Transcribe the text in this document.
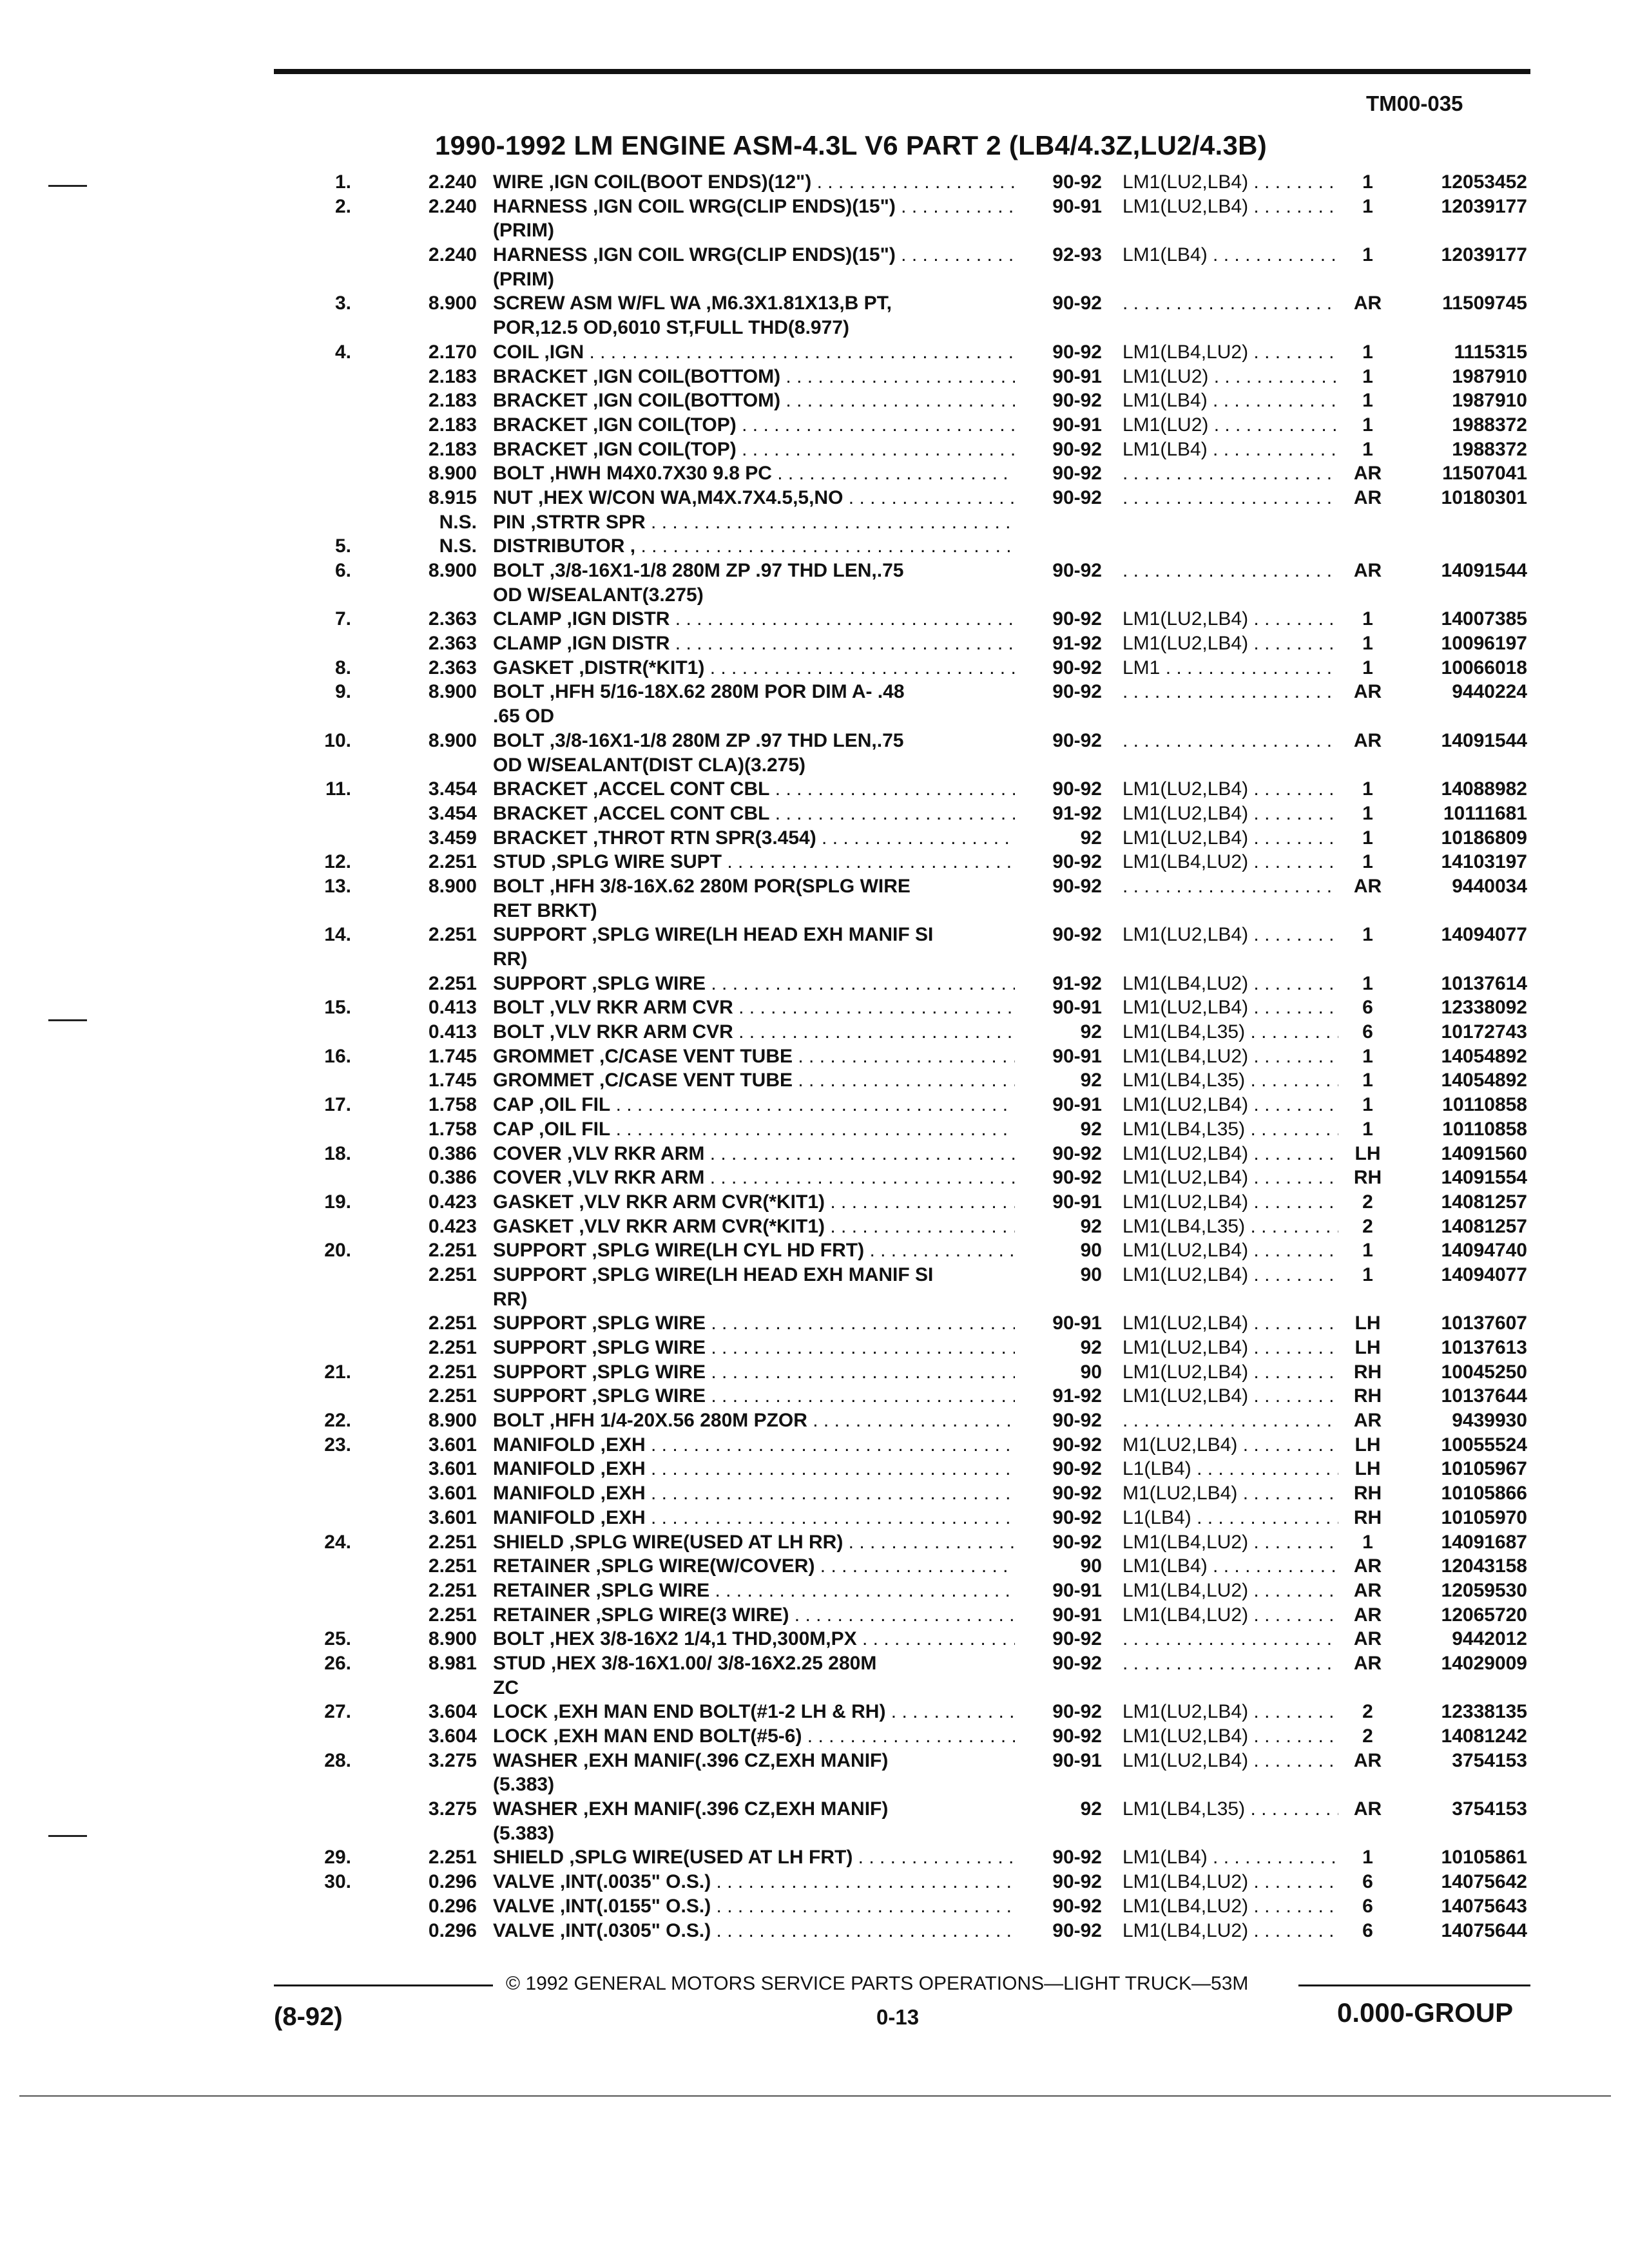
TM00-035
1990-1992 LM ENGINE ASM-4.3L V6 PART 2 (LB4/4.3Z,LU2/4.3B)
1.	2.240 WIRE ,IGN COIL(BOOT ENDS)(12") . . .	90-92 LM1(LU2,LB4) . . .	1	12053452
2.	2.240 HARNESS ,IGN COIL WRG(CLIP ENDS)(15") . . .	90-91 LM1(LU2,LB4) . . .	1	12039177
(PRIM)
2.240 HARNESS ,IGN COIL WRG(CLIP ENDS)(15") . . .	92-93 LM1(LB4) . . .	1	12039177
(PRIM)
3.	8.900 SCREW ASM W/FL WA ,M6.3X1.81X13,B PT,	90-92 . . .	AR	11509745
POR,12.5 OD,6010 ST,FULL THD(8.977)
4.	2.170 COIL ,IGN . . .	90-92 LM1(LB4,LU2) . . .	1	1115315
2.183 BRACKET ,IGN COIL(BOTTOM) . . .	90-91 LM1(LU2) . . .	1	1987910
2.183 BRACKET ,IGN COIL(BOTTOM) . . .	90-92 LM1(LB4) . . .	1	1987910
2.183 BRACKET ,IGN COIL(TOP) . . .	90-91 LM1(LU2) . . .	1	1988372
2.183 BRACKET ,IGN COIL(TOP) . . .	90-92 LM1(LB4) . . .	1	1988372
8.900 BOLT ,HWH M4X0.7X30 9.8 PC . . .	90-92 . . .	AR	11507041
8.915 NUT ,HEX W/CON WA,M4X.7X4.5,5,NO . . .	90-92 . . .	AR	10180301
N.S. PIN ,STRTR SPR . . .
5.	N.S. DISTRIBUTOR , . . .
6.	8.900 BOLT ,3/8-16X1-1/8 280M ZP .97 THD LEN,.75	90-92 . . .	AR	14091544
OD W/SEALANT(3.275)
7.	2.363 CLAMP ,IGN DISTR . . .	90-92 LM1(LU2,LB4) . . .	1	14007385
2.363 CLAMP ,IGN DISTR . . .	91-92 LM1(LU2,LB4) . . .	1	10096197
8.	2.363 GASKET ,DISTR(*KIT1) . . .	90-92 LM1 . . .	1	10066018
9.	8.900 BOLT ,HFH 5/16-18X.62 280M POR DIM A- .48	90-92 . . .	AR	9440224
.65 OD
10.	8.900 BOLT ,3/8-16X1-1/8 280M ZP .97 THD LEN,.75	90-92 . . .	AR	14091544
OD W/SEALANT(DIST CLA)(3.275)
11.	3.454 BRACKET ,ACCEL CONT CBL . . .	90-92 LM1(LU2,LB4) . . .	1	14088982
3.454 BRACKET ,ACCEL CONT CBL . . .	91-92 LM1(LU2,LB4) . . .	1	10111681
3.459 BRACKET ,THROT RTN SPR(3.454) . . .	92 LM1(LU2,LB4) . . .	1	10186809
12.	2.251 STUD ,SPLG WIRE SUPT . . .	90-92 LM1(LB4,LU2) . . .	1	14103197
13.	8.900 BOLT ,HFH 3/8-16X.62 280M POR(SPLG WIRE	90-92 . . .	AR	9440034
RET BRKT)
14.	2.251 SUPPORT ,SPLG WIRE(LH HEAD EXH MANIF SI	90-92 LM1(LU2,LB4) . . .	1	14094077
RR)
2.251 SUPPORT ,SPLG WIRE . . .	91-92 LM1(LB4,LU2) . . .	1	10137614
15.	0.413 BOLT ,VLV RKR ARM CVR . . .	90-91 LM1(LU2,LB4) . . .	6	12338092
0.413 BOLT ,VLV RKR ARM CVR . . .	92 LM1(LB4,L35) . . .	6	10172743
16.	1.745 GROMMET ,C/CASE VENT TUBE . . .	90-91 LM1(LB4,LU2) . . .	1	14054892
1.745 GROMMET ,C/CASE VENT TUBE . . .	92 LM1(LB4,L35) . . .	1	14054892
17.	1.758 CAP ,OIL FIL . . .	90-91 LM1(LU2,LB4) . . .	1	10110858
1.758 CAP ,OIL FIL . . .	92 LM1(LB4,L35) . . .	1	10110858
18.	0.386 COVER ,VLV RKR ARM . . .	90-92 LM1(LU2,LB4) . . .	LH	14091560
0.386 COVER ,VLV RKR ARM . . .	90-92 LM1(LU2,LB4) . . .	RH	14091554
19.	0.423 GASKET ,VLV RKR ARM CVR(*KIT1) . . .	90-91 LM1(LU2,LB4) . . .	2	14081257
0.423 GASKET ,VLV RKR ARM CVR(*KIT1) . . .	92 LM1(LB4,L35) . . .	2	14081257
20.	2.251 SUPPORT ,SPLG WIRE(LH CYL HD FRT) . . .	90 LM1(LU2,LB4) . . .	1	14094740
2.251 SUPPORT ,SPLG WIRE(LH HEAD EXH MANIF SI	90 LM1(LU2,LB4) . . .	1	14094077
RR)
2.251 SUPPORT ,SPLG WIRE . . .	90-91 LM1(LU2,LB4) . . .	LH	10137607
2.251 SUPPORT ,SPLG WIRE . . .	92 LM1(LU2,LB4) . . .	LH	10137613
21.	2.251 SUPPORT ,SPLG WIRE . . .	90 LM1(LU2,LB4) . . .	RH	10045250
2.251 SUPPORT ,SPLG WIRE . . .	91-92 LM1(LU2,LB4) . . .	RH	10137644
22.	8.900 BOLT ,HFH 1/4-20X.56 280M PZOR . . .	90-92 . . .	AR	9439930
23.	3.601 MANIFOLD ,EXH . . .	90-92 M1(LU2,LB4) . . .	LH	10055524
3.601 MANIFOLD ,EXH . . .	90-92 L1(LB4) . . .	LH	10105967
3.601 MANIFOLD ,EXH . . .	90-92 M1(LU2,LB4) . . .	RH	10105866
3.601 MANIFOLD ,EXH . . .	90-92 L1(LB4) . . .	RH	10105970
24.	2.251 SHIELD ,SPLG WIRE(USED AT LH RR) . . .	90-92 LM1(LB4,LU2) . . .	1	14091687
2.251 RETAINER ,SPLG WIRE(W/COVER) . . .	90 LM1(LB4) . . .	AR	12043158
2.251 RETAINER ,SPLG WIRE . . .	90-91 LM1(LB4,LU2) . . .	AR	12059530
2.251 RETAINER ,SPLG WIRE(3 WIRE) . . .	90-91 LM1(LB4,LU2) . . .	AR	12065720
25.	8.900 BOLT ,HEX 3/8-16X2 1/4,1 THD,300M,PX . . .	90-92 . . .	AR	9442012
26.	8.981 STUD ,HEX 3/8-16X1.00/ 3/8-16X2.25 280M	90-92 . . .	AR	14029009
ZC
27.	3.604 LOCK ,EXH MAN END BOLT(#1-2 LH & RH) . . .	90-92 LM1(LU2,LB4) . . .	2	12338135
3.604 LOCK ,EXH MAN END BOLT(#5-6) . . .	90-92 LM1(LU2,LB4) . . .	2	14081242
28.	3.275 WASHER ,EXH MANIF(.396 CZ,EXH MANIF)	90-91 LM1(LU2,LB4) . . .	AR	3754153
(5.383)
3.275 WASHER ,EXH MANIF(.396 CZ,EXH MANIF)	92 LM1(LB4,L35) . . .	AR	3754153
(5.383)
29.	2.251 SHIELD ,SPLG WIRE(USED AT LH FRT) . . .	90-92 LM1(LB4) . . .	1	10105861
30.	0.296 VALVE ,INT(.0035" O.S.) . . .	90-92 LM1(LB4,LU2) . . .	6	14075642
0.296 VALVE ,INT(.0155" O.S.) . . .	90-92 LM1(LB4,LU2) . . .	6	14075643
0.296 VALVE ,INT(.0305" O.S.) . . .	90-92 LM1(LB4,LU2) . . .	6	14075644
© 1992 GENERAL MOTORS SERVICE PARTS OPERATIONS—LIGHT TRUCK—53M
(8-92)	0-13	0.000-GROUP
